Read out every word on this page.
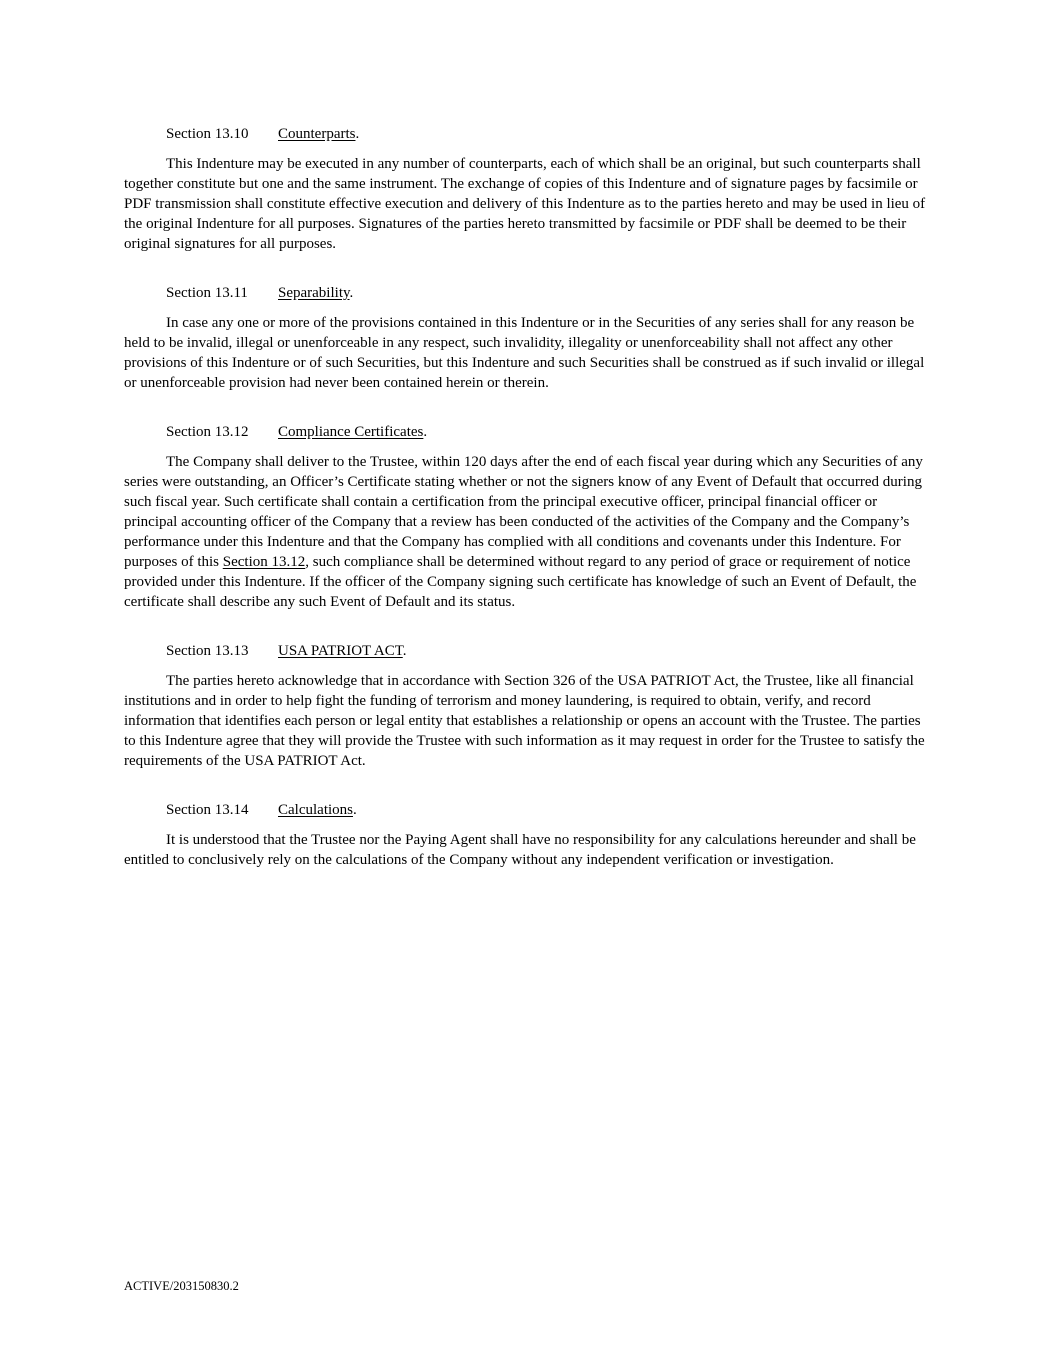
Section 13.10 Counterparts.

This Indenture may be executed in any number of counterparts, each of which shall be an original, but such counterparts shall together constitute but one and the same instrument. The exchange of copies of this Indenture and of signature pages by facsimile or PDF transmission shall constitute effective execution and delivery of this Indenture as to the parties hereto and may be used in lieu of the original Indenture for all purposes. Signatures of the parties hereto transmitted by facsimile or PDF shall be deemed to be their original signatures for all purposes.

Section 13.11 Separability.

In case any one or more of the provisions contained in this Indenture or in the Securities of any series shall for any reason be held to be invalid, illegal or unenforceable in any respect, such invalidity, illegality or unenforceability shall not affect any other provisions of this Indenture or of such Securities, but this Indenture and such Securities shall be construed as if such invalid or illegal or unenforceable provision had never been contained herein or therein.

Section 13.12 Compliance Certificates.

The Company shall deliver to the Trustee, within 120 days after the end of each fiscal year during which any Securities of any series were outstanding, an Officer’s Certificate stating whether or not the signers know of any Event of Default that occurred during such fiscal year. Such certificate shall contain a certification from the principal executive officer, principal financial officer or principal accounting officer of the Company that a review has been conducted of the activities of the Company and the Company’s performance under this Indenture and that the Company has complied with all conditions and covenants under this Indenture. For purposes of this Section 13.12, such compliance shall be determined without regard to any period of grace or requirement of notice provided under this Indenture. If the officer of the Company signing such certificate has knowledge of such an Event of Default, the certificate shall describe any such Event of Default and its status.

Section 13.13 USA PATRIOT ACT.

The parties hereto acknowledge that in accordance with Section 326 of the USA PATRIOT Act, the Trustee, like all financial institutions and in order to help fight the funding of terrorism and money laundering, is required to obtain, verify, and record information that identifies each person or legal entity that establishes a relationship or opens an account with the Trustee. The parties to this Indenture agree that they will provide the Trustee with such information as it may request in order for the Trustee to satisfy the requirements of the USA PATRIOT Act.

Section 13.14 Calculations.

It is understood that the Trustee nor the Paying Agent shall have no responsibility for any calculations hereunder and shall be entitled to conclusively rely on the calculations of the Company without any independent verification or investigation.

ACTIVE/203150830.2
